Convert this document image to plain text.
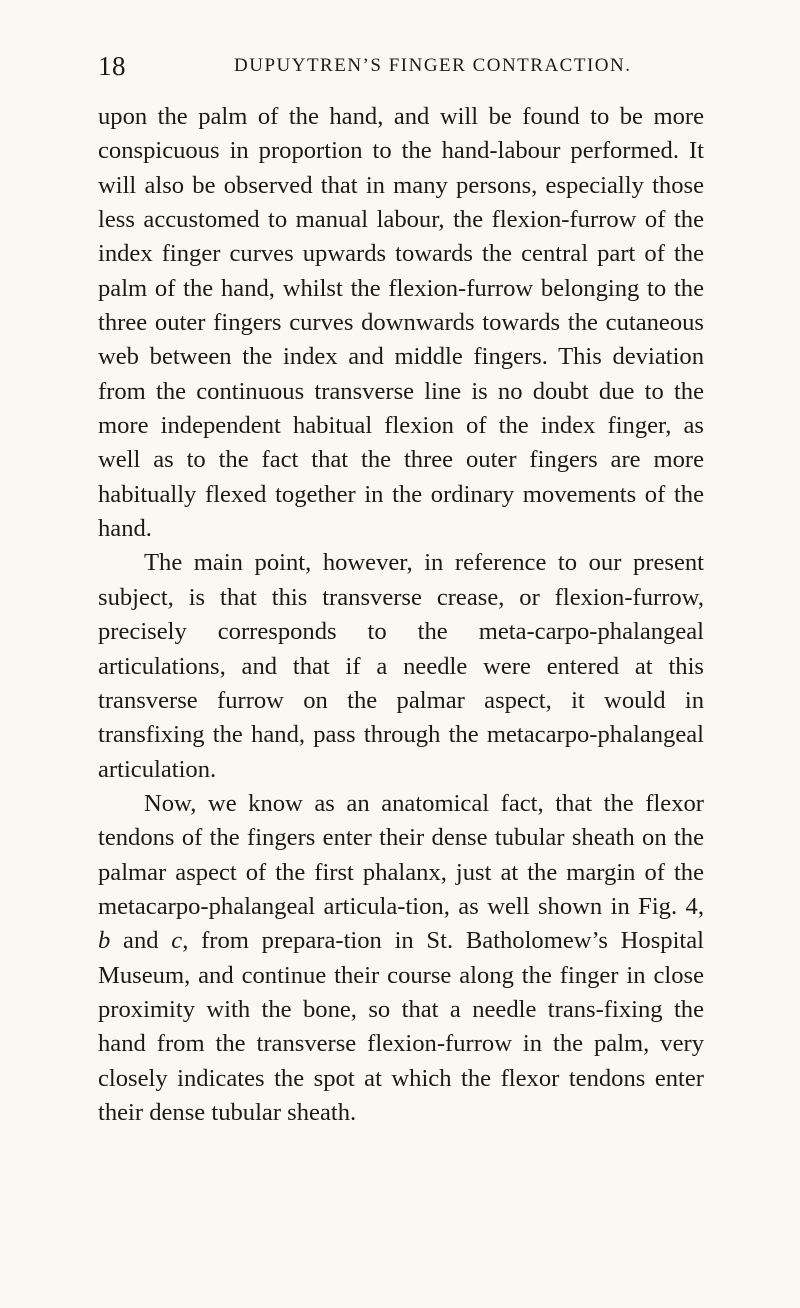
18	DUPUYTREN’S FINGER CONTRACTION.

upon the palm of the hand, and will be found to be more conspicuous in proportion to the hand-labour performed. It will also be observed that in many persons, especially those less accustomed to manual labour, the flexion-furrow of the index finger curves upwards towards the central part of the palm of the hand, whilst the flexion-furrow belonging to the three outer fingers curves downwards towards the cutaneous web between the index and middle fingers. This deviation from the continuous transverse line is no doubt due to the more independent habitual flexion of the index finger, as well as to the fact that the three outer fingers are more habitually flexed together in the ordinary movements of the hand.

The main point, however, in reference to our present subject, is that this transverse crease, or flexion-furrow, precisely corresponds to the meta-carpo-phalangeal articulations, and that if a needle were entered at this transverse furrow on the palmar aspect, it would in transfixing the hand, pass through the metacarpo-phalangeal articulation.

Now, we know as an anatomical fact, that the flexor tendons of the fingers enter their dense tubular sheath on the palmar aspect of the first phalanx, just at the margin of the metacarpo-phalangeal articula-tion, as well shown in Fig. 4, b and c, from prepara-tion in St. Batholomew’s Hospital Museum, and continue their course along the finger in close proximity with the bone, so that a needle trans-fixing the hand from the transverse flexion-furrow in the palm, very closely indicates the spot at which the flexor tendons enter their dense tubular sheath.
